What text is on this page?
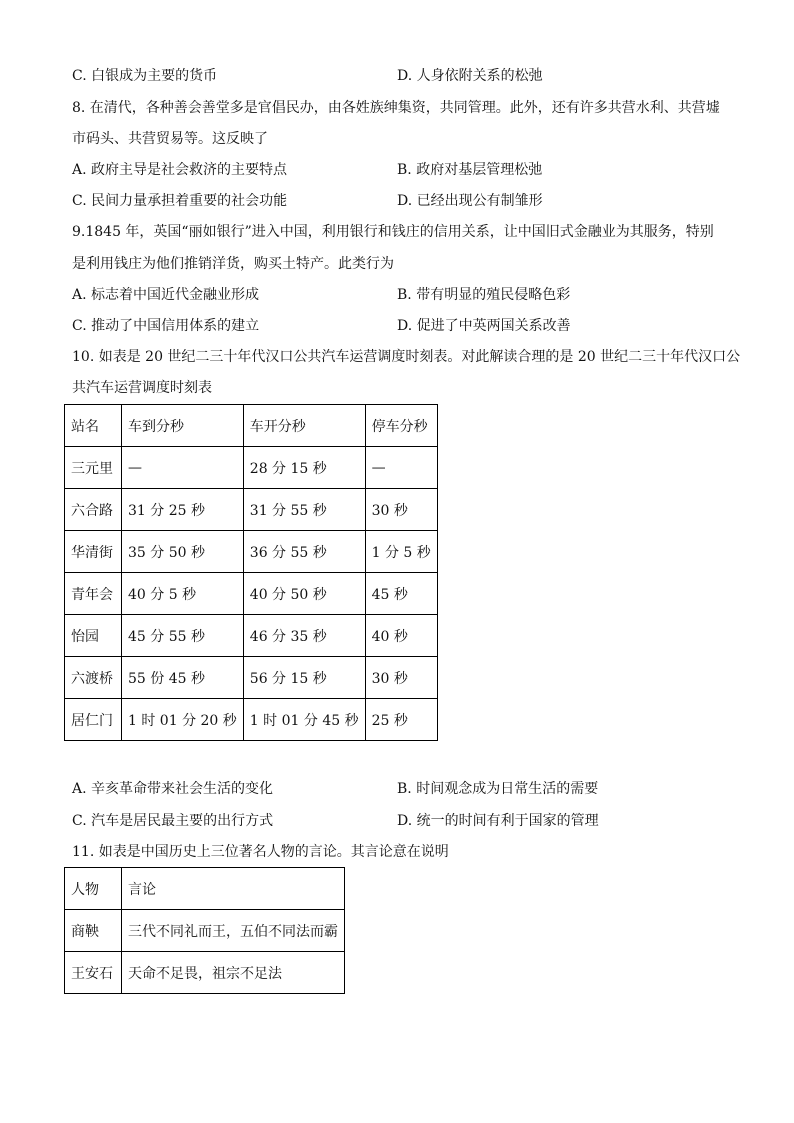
C. 白银成为主要的货币	D. 人身依附关系的松弛
8. 在清代，各种善会善堂多是官倡民办，由各姓族绅集资，共同管理。此外，还有许多共营水利、共营墟
市码头、共营贸易等。这反映了
A. 政府主导是社会救济的主要特点	B. 政府对基层管理松弛
C. 民间力量承担着重要的社会功能	D. 已经出现公有制雏形
9.1845 年，英国“丽如银行”进入中国，利用银行和钱庄的信用关系，让中国旧式金融业为其服务，特别
是利用钱庄为他们推销洋货，购买土特产。此类行为
A. 标志着中国近代金融业形成	B. 带有明显的殖民侵略色彩
C. 推动了中国信用体系的建立	D. 促进了中英两国关系改善
10. 如表是 20 世纪二三十年代汉口公共汽车运营调度时刻表。对此解读合理的是 20 世纪二三十年代汉口公
共汽车运营调度时刻表
站名	车到分秒	车开分秒	停车分秒
三元里	—	28 分 15 秒	—
六合路	31 分 25 秒	31 分 55 秒	30 秒
华清街	35 分 50 秒	36 分 55 秒	1 分 5 秒
青年会	40 分 5 秒	40 分 50 秒	45 秒
怡园	45 分 55 秒	46 分 35 秒	40 秒
六渡桥	55 份 45 秒	56 分 15 秒	30 秒
居仁门	1 时 01 分 20 秒	1 时 01 分 45 秒	25 秒
A. 辛亥革命带来社会生活的变化	B. 时间观念成为日常生活的需要
C. 汽车是居民最主要的出行方式	D. 统一的时间有利于国家的管理
11. 如表是中国历史上三位著名人物的言论。其言论意在说明
人物	言论
商鞅	三代不同礼而王，五伯不同法而霸
王安石	天命不足畏，祖宗不足法
